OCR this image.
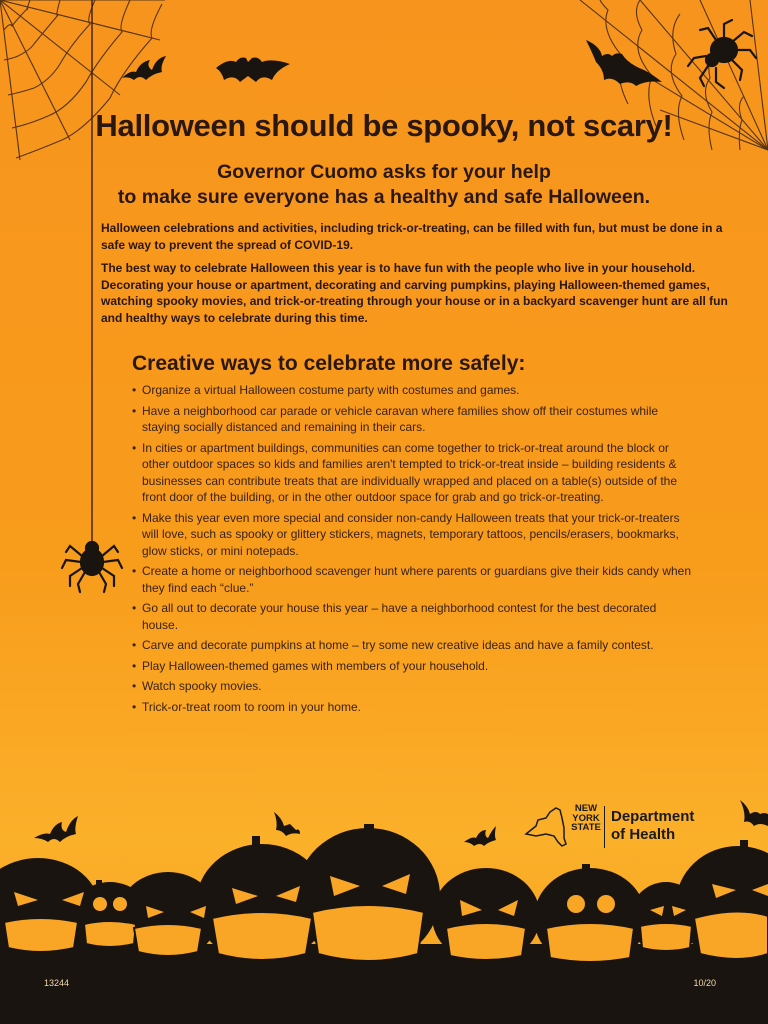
Halloween should be spooky, not scary!
Governor Cuomo asks for your help
to make sure everyone has a healthy and safe Halloween.

Halloween celebrations and activities, including trick-or-treating, can be filled with fun, but must be done in a safe way to prevent the spread of COVID-19.

The best way to celebrate Halloween this year is to have fun with the people who live in your household. Decorating your house or apartment, decorating and carving pumpkins, playing Halloween-themed games, watching spooky movies, and trick-or-treating through your house or in a backyard scavenger hunt are all fun and healthy ways to celebrate during this time.

Creative ways to celebrate more safely:
• Organize a virtual Halloween costume party with costumes and games.
• Have a neighborhood car parade or vehicle caravan where families show off their costumes while staying socially distanced and remaining in their cars.
• In cities or apartment buildings, communities can come together to trick-or-treat around the block or other outdoor spaces so kids and families aren't tempted to trick-or-treat inside – building residents & businesses can contribute treats that are individually wrapped and placed on a table(s) outside of the front door of the building, or in the other outdoor space for grab and go trick-or-treating.
• Make this year even more special and consider non-candy Halloween treats that your trick-or-treaters will love, such as spooky or glittery stickers, magnets, temporary tattoos, pencils/erasers, bookmarks, glow sticks, or mini notepads.
• Create a home or neighborhood scavenger hunt where parents or guardians give their kids candy when they find each “clue.”
• Go all out to decorate your house this year – have a neighborhood contest for the best decorated house.
• Carve and decorate pumpkins at home – try some new creative ideas and have a family contest.
• Play Halloween-themed games with members of your household.
• Watch spooky movies.
• Trick-or-treat room to room in your home.
NEW
YORK
STATE
Department
of Health
13244	10/20
